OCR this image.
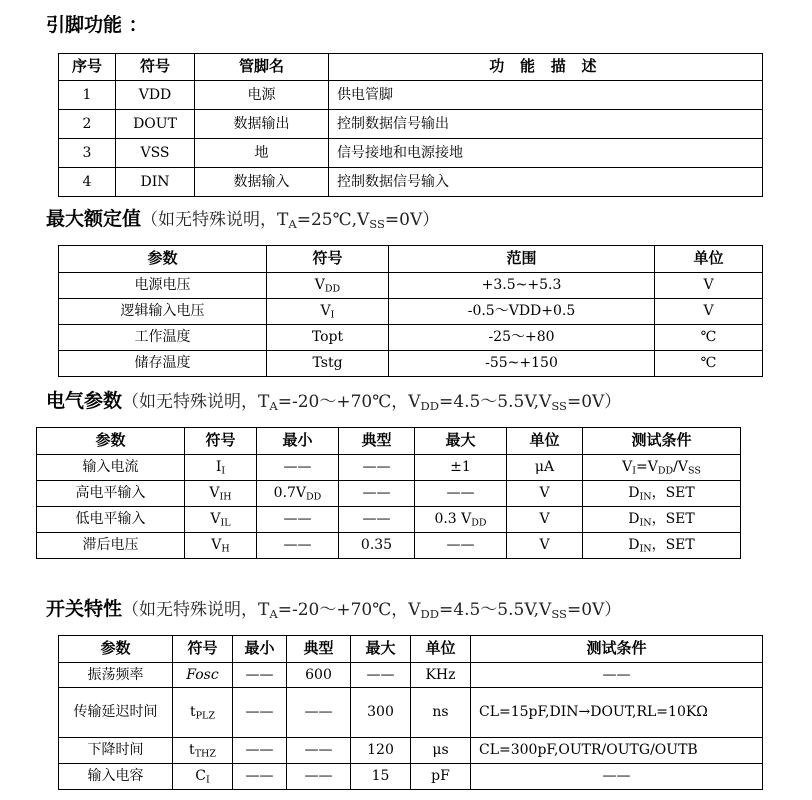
引脚功能 ：
序号	符号	管脚名	功 能 描 述
1	VDD	电源	供电管脚
2	DOUT	数据输出	控制数据信号输出
3	VSS	地	信号接地和电源接地
4	DIN	数据输入	控制数据信号输入
最大额定值（如无特殊说明，$T_A=25℃,V_{SS}=0V$）
参数	符号	范围	单位
电源电压	$V_{DD}$	+3.5~+5.3	V
逻辑输入电压	$V_I$	-0.5～VDD+0.5	V
工作温度	Topt	-25～+80	℃
储存温度	Tstg	-55~+150	℃
电气参数（如无特殊说明，$T_A=-20\sim+70℃$，$V_{DD}=4.5\sim 5.5V,V_{SS}=0V$）
参数	符号	最小	典型	最大	单位	测试条件
输入电流	$I_I$	——	——	±1	μA	$V_I=V_{DD}/V_{SS}$
高电平输入	$V_{IH}$	$0.7V_{DD}$	——	——	V	$D_{IN}$，SET
低电平输入	$V_{IL}$	——	——	0.3 $V_{DD}$	V	$D_{IN}$，SET
滞后电压	$V_H$	——	0.35	——	V	$D_{IN}$，SET
开关特性（如无特殊说明，$T_A=-20\sim+70℃$，$V_{DD}=4.5\sim 5.5V,V_{SS}=0V$）
参数	符号	最小	典型	最大	单位	测试条件
振荡频率	Fosc	——	600	——	KHz	——
传输延迟时间	$t_{PLZ}$	——	——	300	ns	CL=15pF,DIN→DOUT,RL=10KΩ
下降时间	$t_{THZ}$	——	——	120	μs	CL=300pF,OUTR/OUTG/OUTB
输入电容	$C_I$	——	——	15	pF	——
